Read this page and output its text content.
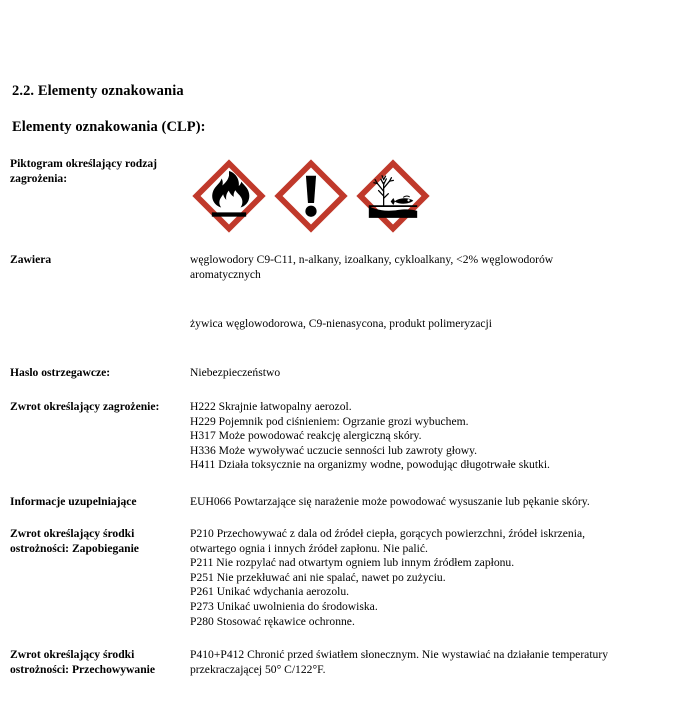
2.2. Elementy oznakowania
Elementy oznakowania (CLP):
Piktogram określający rodzaj zagrożenia:
Zawiera	węglowodory C9-C11, n-alkany, izoalkany, cykloalkany, <2% węglowodorów
aromatycznych
żywica węglowodorowa, C9-nienasycona, produkt polimeryzacji
Haslo ostrzegawcze:	Niebezpieczeństwo
Zwrot określający zagrożenie:	H222 Skrajnie łatwopalny aerozol.
H229 Pojemnik pod ciśnieniem: Ogrzanie grozi wybuchem.
H317 Może powodować reakcję alergiczną skóry.
H336 Może wywoływać uczucie senności lub zawroty głowy.
H411 Działa toksycznie na organizmy wodne, powodując długotrwałe skutki.
Informacje uzupelniające	EUH066 Powtarzające się narażenie może powodować wysuszanie lub pękanie skóry.
Zwrot określający środki ostrożności: Zapobieganie
P210 Przechowywać z dala od źródeł ciepła, gorących powierzchni, źródeł iskrzenia,
otwartego ognia i innych źródeł zapłonu. Nie palić.
P211 Nie rozpylać nad otwartym ogniem lub innym źródłem zapłonu.
P251 Nie przekłuwać ani nie spalać, nawet po zużyciu.
P261 Unikać wdychania aerozolu.
P273 Unikać uwolnienia do środowiska.
P280 Stosować rękawice ochronne.
Zwrot określający środki ostrożności: Przechowywanie
P410+P412 Chronić przed światłem słonecznym. Nie wystawiać na działanie temperatury
przekraczającej 50° C/122°F.
